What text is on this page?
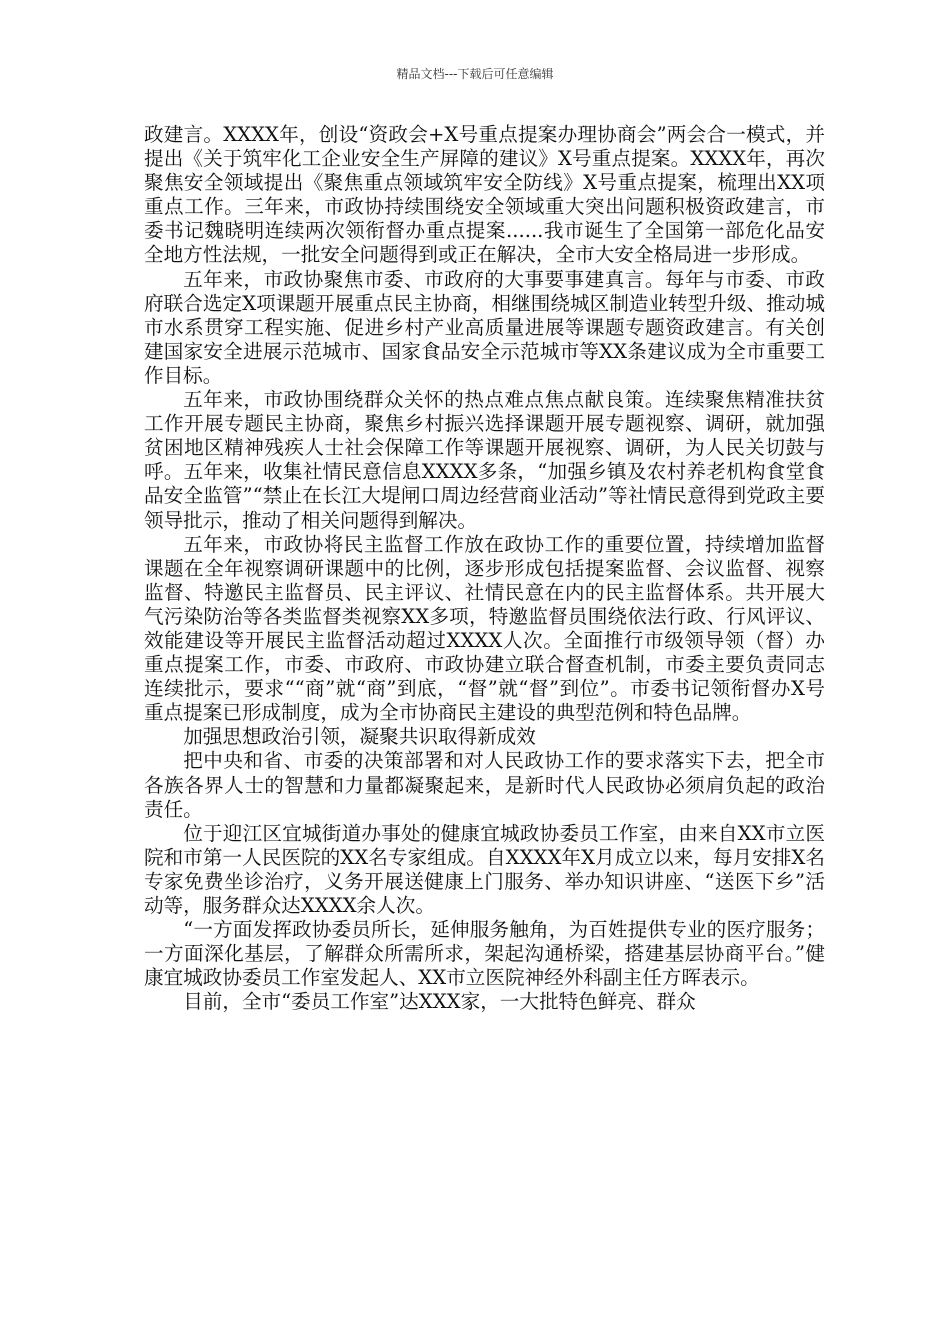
精品文档---下载后可任意编辑

政建言。XXXX年，创设“资政会+X号重点提案办理协商会”两会合一模式，并提出《关于筑牢化工企业安全生产屏障的建议》X号重点提案。XXXX年，再次聚焦安全领域提出《聚焦重点领域筑牢安全防线》X号重点提案，梳理出XX项重点工作。三年来，市政协持续围绕安全领域重大突出问题积极资政建言，市委书记魏晓明连续两次领衔督办重点提案......我市诞生了全国第一部危化品安全地方性法规，一批安全问题得到或正在解决，全市大安全格局进一步形成。

五年来，市政协聚焦市委、市政府的大事要事建真言。每年与市委、市政府联合选定X项课题开展重点民主协商，相继围绕城区制造业转型升级、推动城市水系贯穿工程实施、促进乡村产业高质量进展等课题专题资政建言。有关创建国家安全进展示范城市、国家食品安全示范城市等XX条建议成为全市重要工作目标。

五年来，市政协围绕群众关怀的热点难点焦点献良策。连续聚焦精准扶贫工作开展专题民主协商，聚焦乡村振兴选择课题开展专题视察、调研，就加强贫困地区精神残疾人士社会保障工作等课题开展视察、调研，为人民关切鼓与呼。五年来，收集社情民意信息XXXX多条，“加强乡镇及农村养老机构食堂食品安全监管”“禁止在长江大堤闸口周边经营商业活动”等社情民意得到党政主要领导批示，推动了相关问题得到解决。

五年来，市政协将民主监督工作放在政协工作的重要位置，持续增加监督课题在全年视察调研课题中的比例，逐步形成包括提案监督、会议监督、视察监督、特邀民主监督员、民主评议、社情民意在内的民主监督体系。共开展大气污染防治等各类监督类视察XX多项，特邀监督员围绕依法行政、行风评议、效能建设等开展民主监督活动超过XXXX人次。全面推行市级领导领（督）办重点提案工作，市委、市政府、市政协建立联合督查机制，市委主要负责同志连续批示，要求““商”就“商”到底，“督”就“督”到位”。市委书记领衔督办X号重点提案已形成制度，成为全市协商民主建设的典型范例和特色品牌。

加强思想政治引领，凝聚共识取得新成效

把中央和省、市委的决策部署和对人民政协工作的要求落实下去，把全市各族各界人士的智慧和力量都凝聚起来，是新时代人民政协必须肩负起的政治责任。

位于迎江区宜城街道办事处的健康宜城政协委员工作室，由来自XX市立医院和市第一人民医院的XX名专家组成。自XXXX年X月成立以来，每月安排X名专家免费坐诊治疗，义务开展送健康上门服务、举办知识讲座、“送医下乡”活动等，服务群众达XXXX余人次。

“一方面发挥政协委员所长，延伸服务触角，为百姓提供专业的医疗服务；一方面深化基层，了解群众所需所求，架起沟通桥梁，搭建基层协商平台。”健康宜城政协委员工作室发起人、XX市立医院神经外科副主任方晖表示。

目前，全市“委员工作室”达XXX家，一大批特色鲜亮、群众
